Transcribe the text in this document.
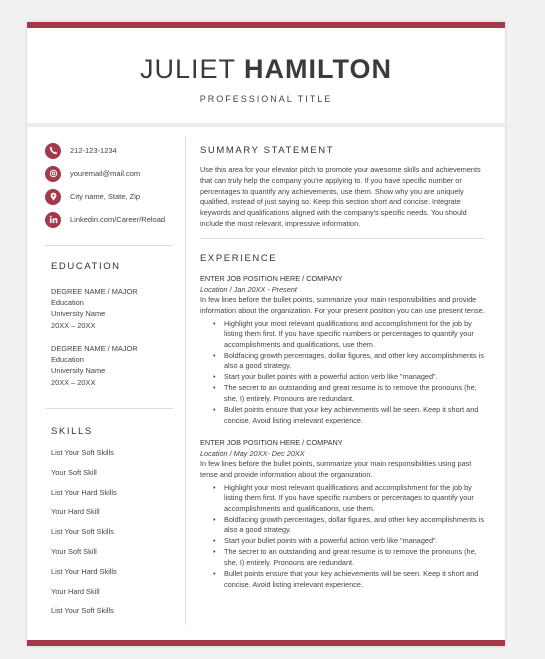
JULIET HAMILTON
PROFESSIONAL TITLE
212-123-1234
youremail@mail.com
City name, State, Zip
Linkedin.com/Career/Reload
EDUCATION
DEGREE NAME / MAJOR
Education
University Name
20XX – 20XX
DEGREE NAME / MAJOR
Education
University Name
20XX – 20XX
SKILLS
List Your Soft Skills
Your Soft Skill
List Your Hard Skills
Your Hard Skill
List Your Soft Skills
Your Soft Skill
List Your Hard Skills
Your Hard Skill
List Your Soft Skills
SUMMARY STATEMENT
Use this area for your elevator pitch to promote your awesome skills and achievements that can truly help the company you're applying to. If you have specific number or percentages to quantify any achievements, use them. Show why you are uniquely qualified, instead of just saying so. Keep this section short and concise. Integrate keywords and qualifications aligned with the company's specific needs. You should include the most relevant, impressive information.
EXPERIENCE
ENTER JOB POSITION HERE / COMPANY
Location / Jan 20XX - Present
In few lines before the bullet points, summarize your main responsibilities and provide information about the organization. For your present position you can use present tense.
• Highlight your most relevant qualifications and accomplishment for the job by listing them first. If you have specific numbers or percentages to quantify your accomplishments and qualifications, use them.
• Boldfacing growth percentages, dollar figures, and other key accomplishments is also a good strategy.
• Start your bullet points with a powerful action verb like "managed".
• The secret to an outstanding and great resume is to remove the pronouns (he, she, I) entirely. Pronouns are redundant.
• Bullet points ensure that your key achievements will be seen. Keep it short and concise. Avoid listing irrelevant experience.
ENTER JOB POSITION HERE / COMPANY
Location / May 20XX- Dec 20XX
In few lines before the bullet points, summarize your main responsibilities using past tense and provide information about the organization.
• Highlight your most relevant qualifications and accomplishment for the job by listing them first. If you have specific numbers or percentages to quantify your accomplishments and qualifications, use them.
• Boldfacing growth percentages, dollar figures, and other key accomplishments is also a good strategy.
• Start your bullet points with a powerful action verb like "managed".
• The secret to an outstanding and great resume is to remove the pronouns (he, she, I) entirely. Pronouns are redundant.
• Bullet points ensure that your key achievements will be seen. Keep it short and concise. Avoid listing irrelevant experience.
